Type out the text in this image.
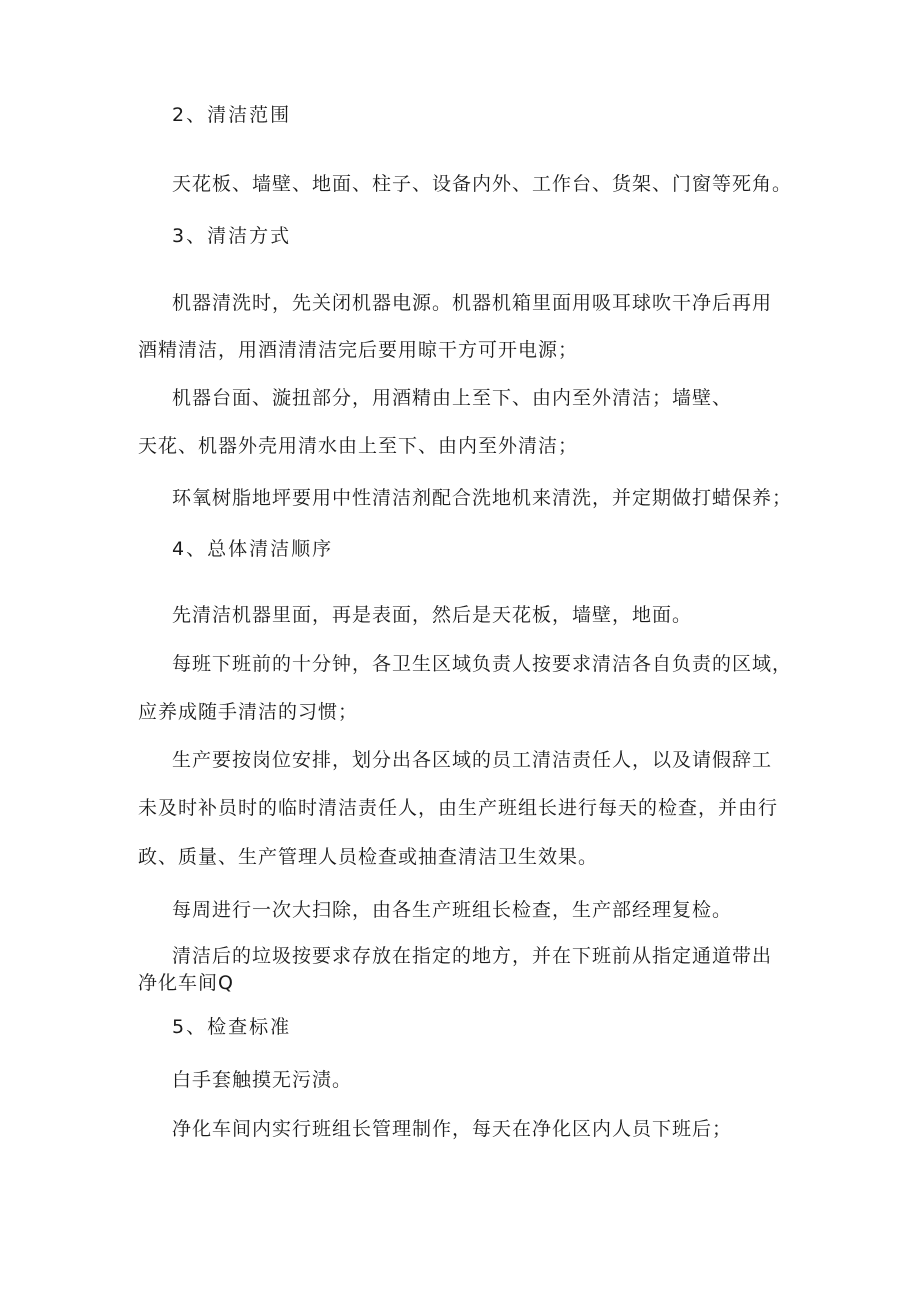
2、清洁范围
天花板、墙壁、地面、柱子、设备内外、工作台、货架、门窗等死角。
3、清洁方式
机器清洗时，先关闭机器电源。机器机箱里面用吸耳球吹干净后再用
酒精清洁，用酒清清洁完后要用晾干方可开电源；
机器台面、漩扭部分，用酒精由上至下、由内至外清洁；墙壁、
天花、机器外壳用清水由上至下、由内至外清洁；
环氧树脂地坪要用中性清洁剂配合洗地机来清洗，并定期做打蜡保养；
4、总体清洁顺序
先清洁机器里面，再是表面，然后是天花板，墙壁，地面。
每班下班前的十分钟，各卫生区域负责人按要求清洁各自负责的区域，
应养成随手清洁的习惯；
生产要按岗位安排，划分出各区域的员工清洁责任人，以及请假辞工
未及时补员时的临时清洁责任人，由生产班组长进行每天的检查，并由行
政、质量、生产管理人员检查或抽查清洁卫生效果。
每周进行一次大扫除，由各生产班组长检查，生产部经理复检。
清洁后的垃圾按要求存放在指定的地方，并在下班前从指定通道带出
净化车间Q
5、检查标准
白手套触摸无污渍。
净化车间内实行班组长管理制作，每天在净化区内人员下班后；
